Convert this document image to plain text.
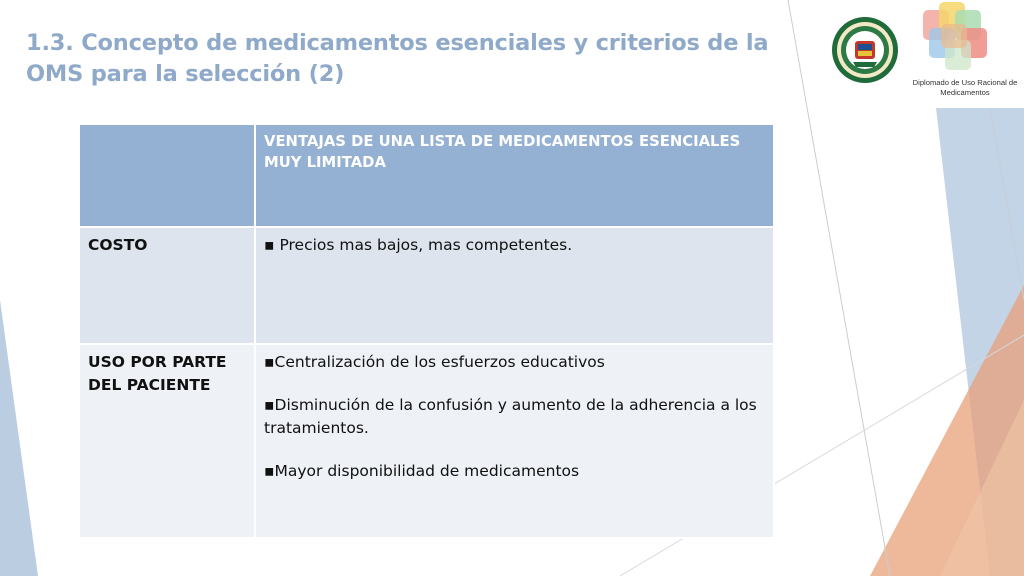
1.3. Concepto de medicamentos esenciales y criterios de la OMS para la selección (2)	Diplomado de Uso Racional de Medicamentos
	VENTAJAS DE UNA LISTA DE MEDICAMENTOS ESENCIALES MUY LIMITADA
COSTO	▪ Precios mas bajos, mas competentes.

USO POR PARTE DEL PACIENTE	▪Centralización de los esfuerzos educativos

▪Disminución de la confusión y aumento de la adherencia a los tratamientos.

▪Mayor disponibilidad de medicamentos
